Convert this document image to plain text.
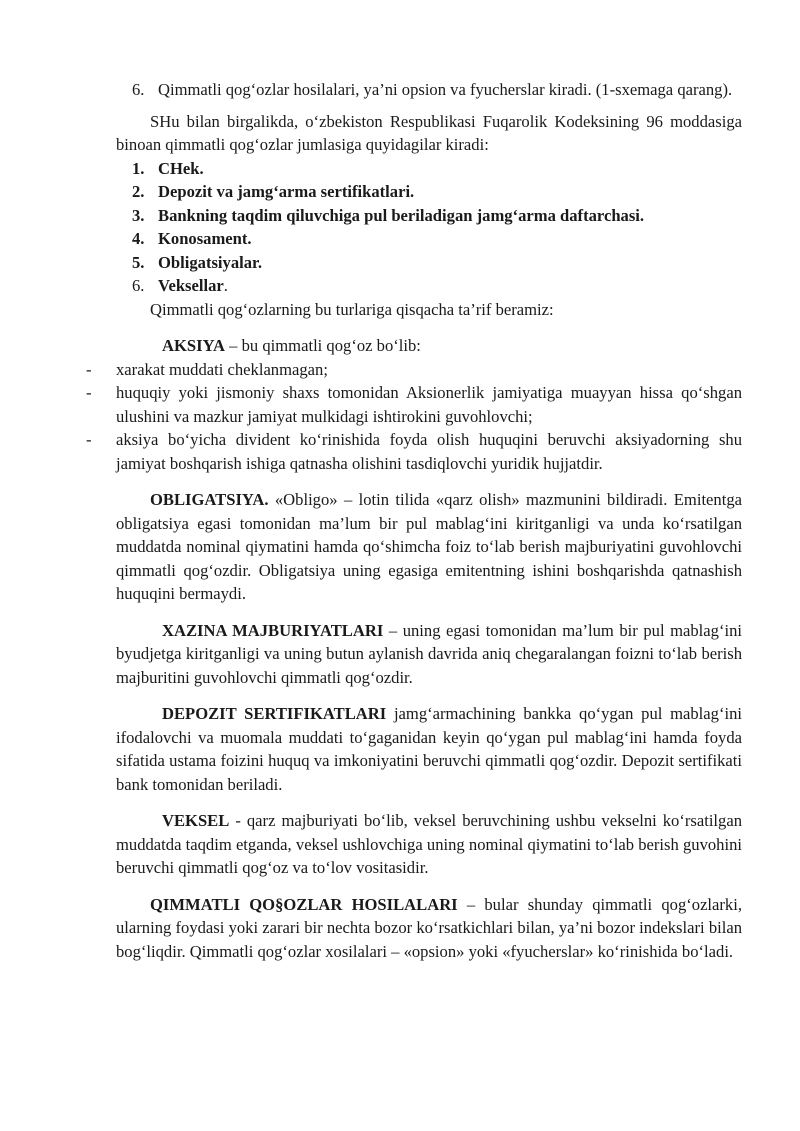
6. Qimmatli qog‘ozlar hosilalari, ya’ni opsion va fyucherslar kiradi. (1-sxemaga qarang).

SHu bilan birgalikda, o‘zbekiston Respublikasi Fuqarolik Kodeksining 96 moddasiga binoan qimmatli qog‘ozlar jumlasiga quyidagilar kiradi:

1. CHek.
2. Depozit va jamg‘arma sertifikatlari.
3. Bankning taqdim qiluvchiga pul beriladigan jamg‘arma daftarchasi.
4. Konosament.
5. Obligatsiyalar.
6. Veksellar.

Qimmatli qog‘ozlarning bu turlariga qisqacha ta’rif beramiz:

AKSIYA – bu qimmatli qog‘oz bo‘lib:

- xarakat muddati cheklanmagan;
- huquqiy yoki jismoniy shaxs tomonidan Aksionerlik jamiyatiga muayyan hissa qo‘shgan ulushini va mazkur jamiyat mulkidagi ishtirokini guvohlovchi;
- aksiya bo‘yicha divident ko‘rinishida foyda olish huquqini beruvchi aksiyadorning shu jamiyat boshqarish ishiga qatnasha olishini tasdiqlovchi yuridik hujjatdir.

OBLIGATSIYA. «Obligo» – lotin tilida «qarz olish» mazmunini bildiradi. Emitentga obligatsiya egasi tomonidan ma’lum bir pul mablag‘ini kiritganligi va unda ko‘rsatilgan muddatda nominal qiymatini hamda qo‘shimcha foiz to‘lab berish majburiyatini guvohlovchi qimmatli qog‘ozdir. Obligatsiya uning egasiga emitentning ishini boshqarishda qatnashish huquqini bermaydi.

XAZINA MAJBURIYATLARI – uning egasi tomonidan ma’lum bir pul mablag‘ini byudjetga kiritganligi va uning butun aylanish davrida aniq chegaralangan foizni to‘lab berish majburitini guvohlovchi qimmatli qog‘ozdir.

DEPOZIT SERTIFIKATLARI jamg‘armachining bankka qo‘ygan pul mablag‘ini ifodalovchi va muomala muddati to‘gaganidan keyin qo‘ygan pul mablag‘ini hamda foyda sifatida ustama foizini huquq va imkoniyatini beruvchi qimmatli qog‘ozdir. Depozit sertifikati bank tomonidan beriladi.

VEKSEL - qarz majburiyati bo‘lib, veksel beruvchining ushbu vekselni ko‘rsatilgan muddatda taqdim etganda, veksel ushlovchiga uning nominal qiymatini to‘lab berish guvohini beruvchi qimmatli qog‘oz va to‘lov vositasidir.

QIMMATLI QO§OZLAR HOSILALARI – bular shunday qimmatli qog‘ozlarki, ularning foydasi yoki zarari bir nechta bozor ko‘rsatkichlari bilan, ya’ni bozor indekslari bilan bog‘liqdir. Qimmatli qog‘ozlar xosilalari – «opsion» yoki «fyucherslar» ko‘rinishida bo‘ladi.
